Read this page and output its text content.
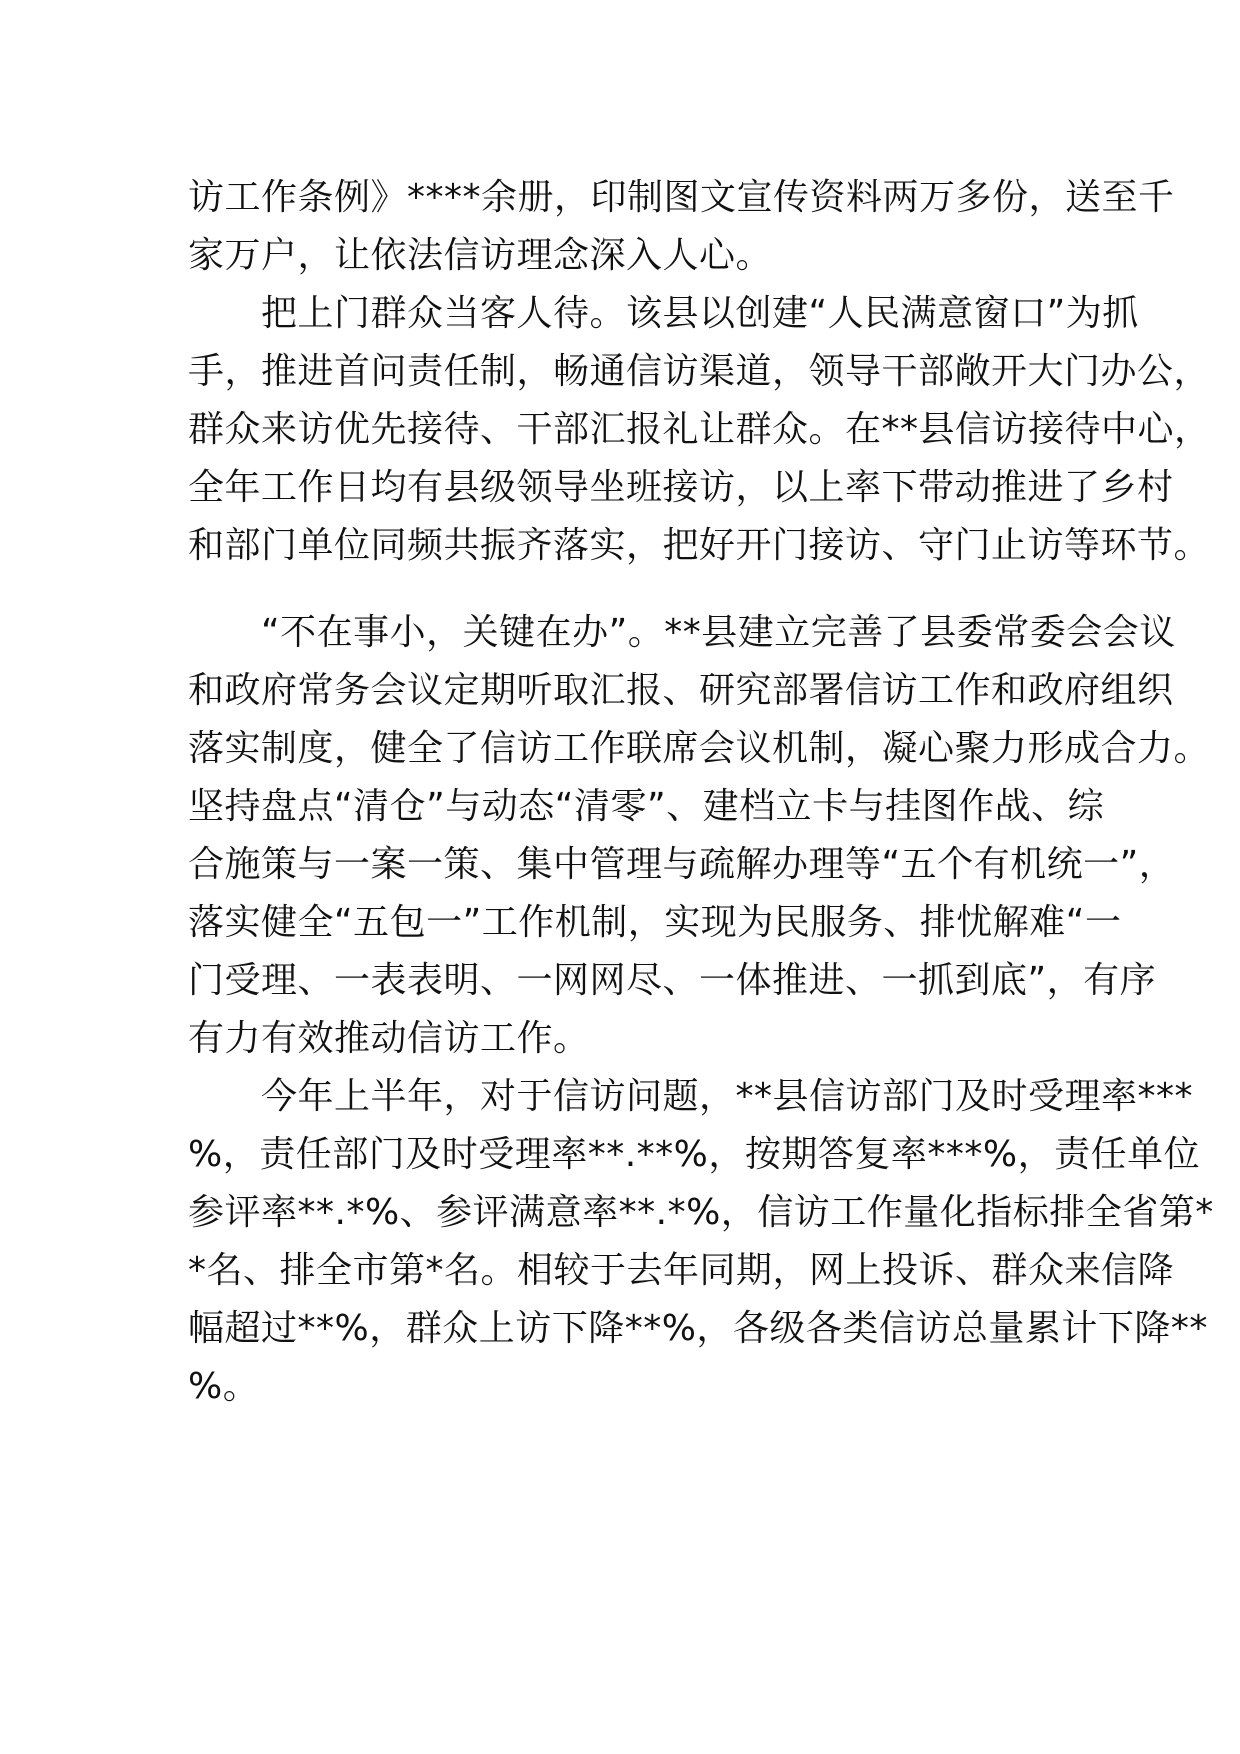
访工作条例》****余册，印制图文宣传资料两万多份，送至千
家万户，让依法信访理念深入人心。
　　把上门群众当客人待。该县以创建“人民满意窗口”为抓
手，推进首问责任制，畅通信访渠道，领导干部敞开大门办公，
群众来访优先接待、干部汇报礼让群众。在**县信访接待中心，
全年工作日均有县级领导坐班接访，以上率下带动推进了乡村
和部门单位同频共振齐落实，把好开门接访、守门止访等环节。
　　“不在事小，关键在办”。**县建立完善了县委常委会会议
和政府常务会议定期听取汇报、研究部署信访工作和政府组织
落实制度，健全了信访工作联席会议机制，凝心聚力形成合力。
坚持盘点“清仓”与动态“清零”、建档立卡与挂图作战、综
合施策与一案一策、集中管理与疏解办理等“五个有机统一”，
落实健全“五包一”工作机制，实现为民服务、排忧解难“一
门受理、一表表明、一网网尽、一体推进、一抓到底”，有序
有力有效推动信访工作。
　　今年上半年，对于信访问题，**县信访部门及时受理率***
%，责任部门及时受理率**.**%，按期答复率***%，责任单位
参评率**.*%、参评满意率**.*%，信访工作量化指标排全省第*
*名、排全市第*名。相较于去年同期，网上投诉、群众来信降
幅超过**%，群众上访下降**%，各级各类信访总量累计下降**
%。
